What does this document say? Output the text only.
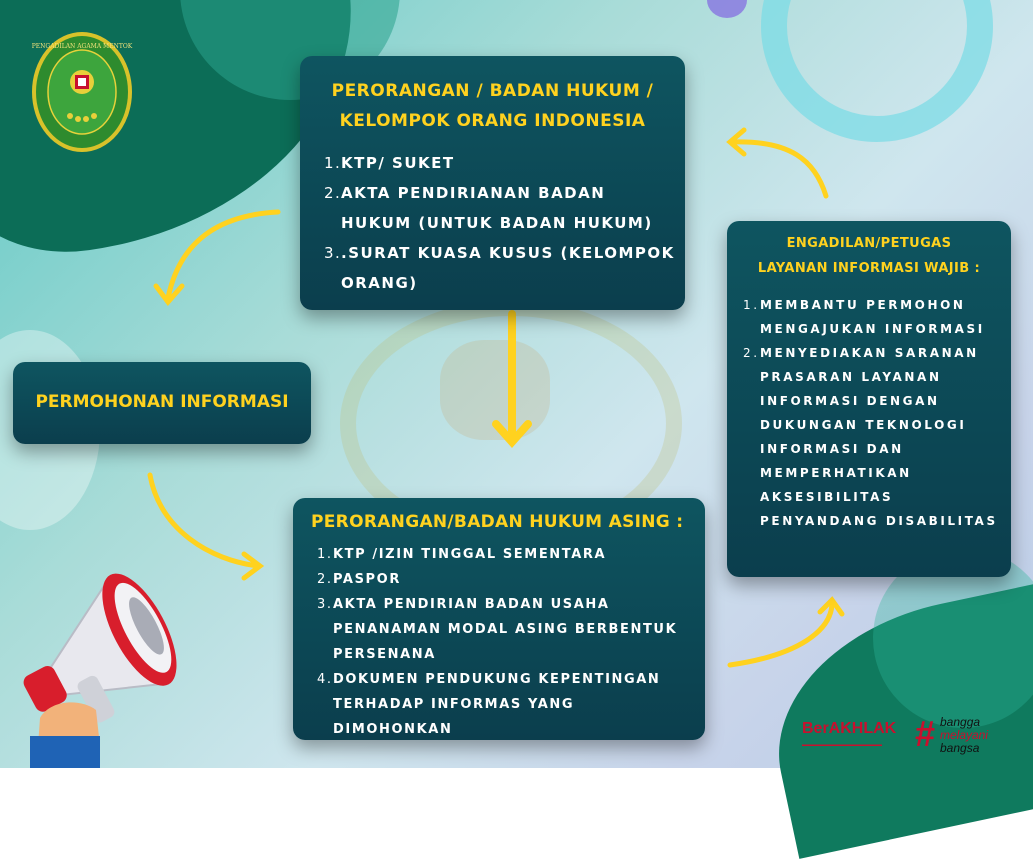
PENGADILAN AGAMA MENTOK
PERORANGAN / BADAN HUKUM /
KELOMPOK ORANG INDONESIA
1. KTP/ SUKET
2. AKTA PENDIRIANAN BADAN HUKUM (UNTUK BADAN HUKUM)
3. .SURAT KUASA KUSUS (KELOMPOK ORANG)
PERMOHONAN INFORMASI
PERORANGAN/BADAN HUKUM ASING :
1. KTP /IZIN TINGGAL SEMENTARA
2. PASPOR
3. AKTA PENDIRIAN BADAN USAHA PENANAMAN MODAL ASING BERBENTUK PERSENANA
4. DOKUMEN PENDUKUNG KEPENTINGAN TERHADAP INFORMAS YANG DIMOHONKAN
ENGADILAN/PETUGAS
LAYANAN INFORMASI WAJIB :
1. MEMBANTU PERMOHON MENGAJUKAN INFORMASI
2. MENYEDIAKAN SARANAN PRASARAN LAYANAN INFORMASI DENGAN DUKUNGAN TEKNOLOGI INFORMASI DAN MEMPERHATIKAN AKSESIBILITAS PENYANDANG DISABILITAS
BerAKHLAK
▬▬▬▬▬▬▬▬▬▬▬▬▬▬▬▬ # bangga
melayani
bangsa
